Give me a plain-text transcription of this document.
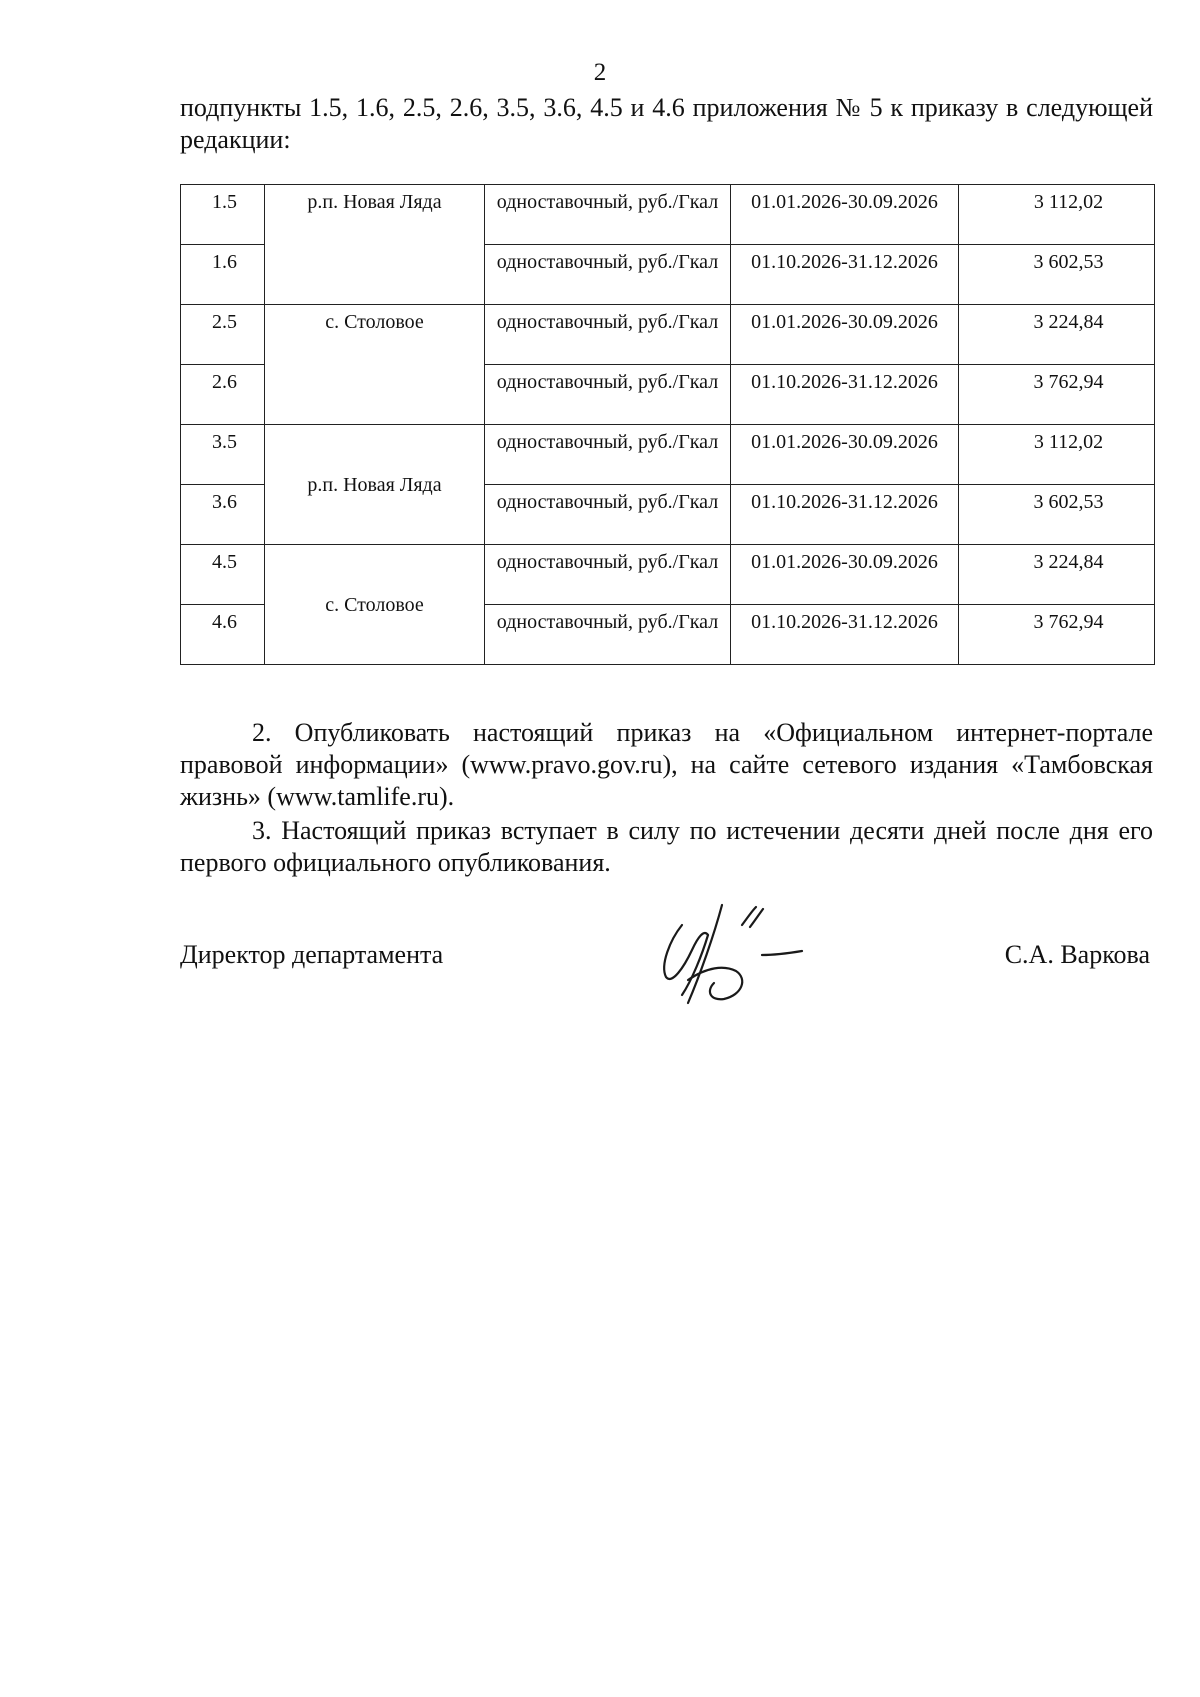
2

подпункты 1.5, 1.6, 2.5, 2.6, 3.5, 3.6, 4.5 и 4.6 приложения № 5 к приказу в следующей редакции:

1.5	р.п. Новая Ляда	одноставочный, руб./Гкал	01.01.2026-30.09.2026	3 112,02
1.6		одноставочный, руб./Гкал	01.10.2026-31.12.2026	3 602,53
2.5	с. Столовое	одноставочный, руб./Гкал	01.01.2026-30.09.2026	3 224,84
2.6		одноставочный, руб./Гкал	01.10.2026-31.12.2026	3 762,94
3.5	р.п. Новая Ляда	одноставочный, руб./Гкал	01.01.2026-30.09.2026	3 112,02
3.6		одноставочный, руб./Гкал	01.10.2026-31.12.2026	3 602,53
4.5	с. Столовое	одноставочный, руб./Гкал	01.01.2026-30.09.2026	3 224,84
4.6		одноставочный, руб./Гкал	01.10.2026-31.12.2026	3 762,94

2. Опубликовать настоящий приказ на «Официальном интернет-портале правовой информации» (www.pravo.gov.ru), на сайте сетевого издания «Тамбовская жизнь» (www.tamlife.ru).

3. Настоящий приказ вступает в силу по истечении десяти дней после дня его первого официального опубликования.

Директор департамента	С.А. Варкова
